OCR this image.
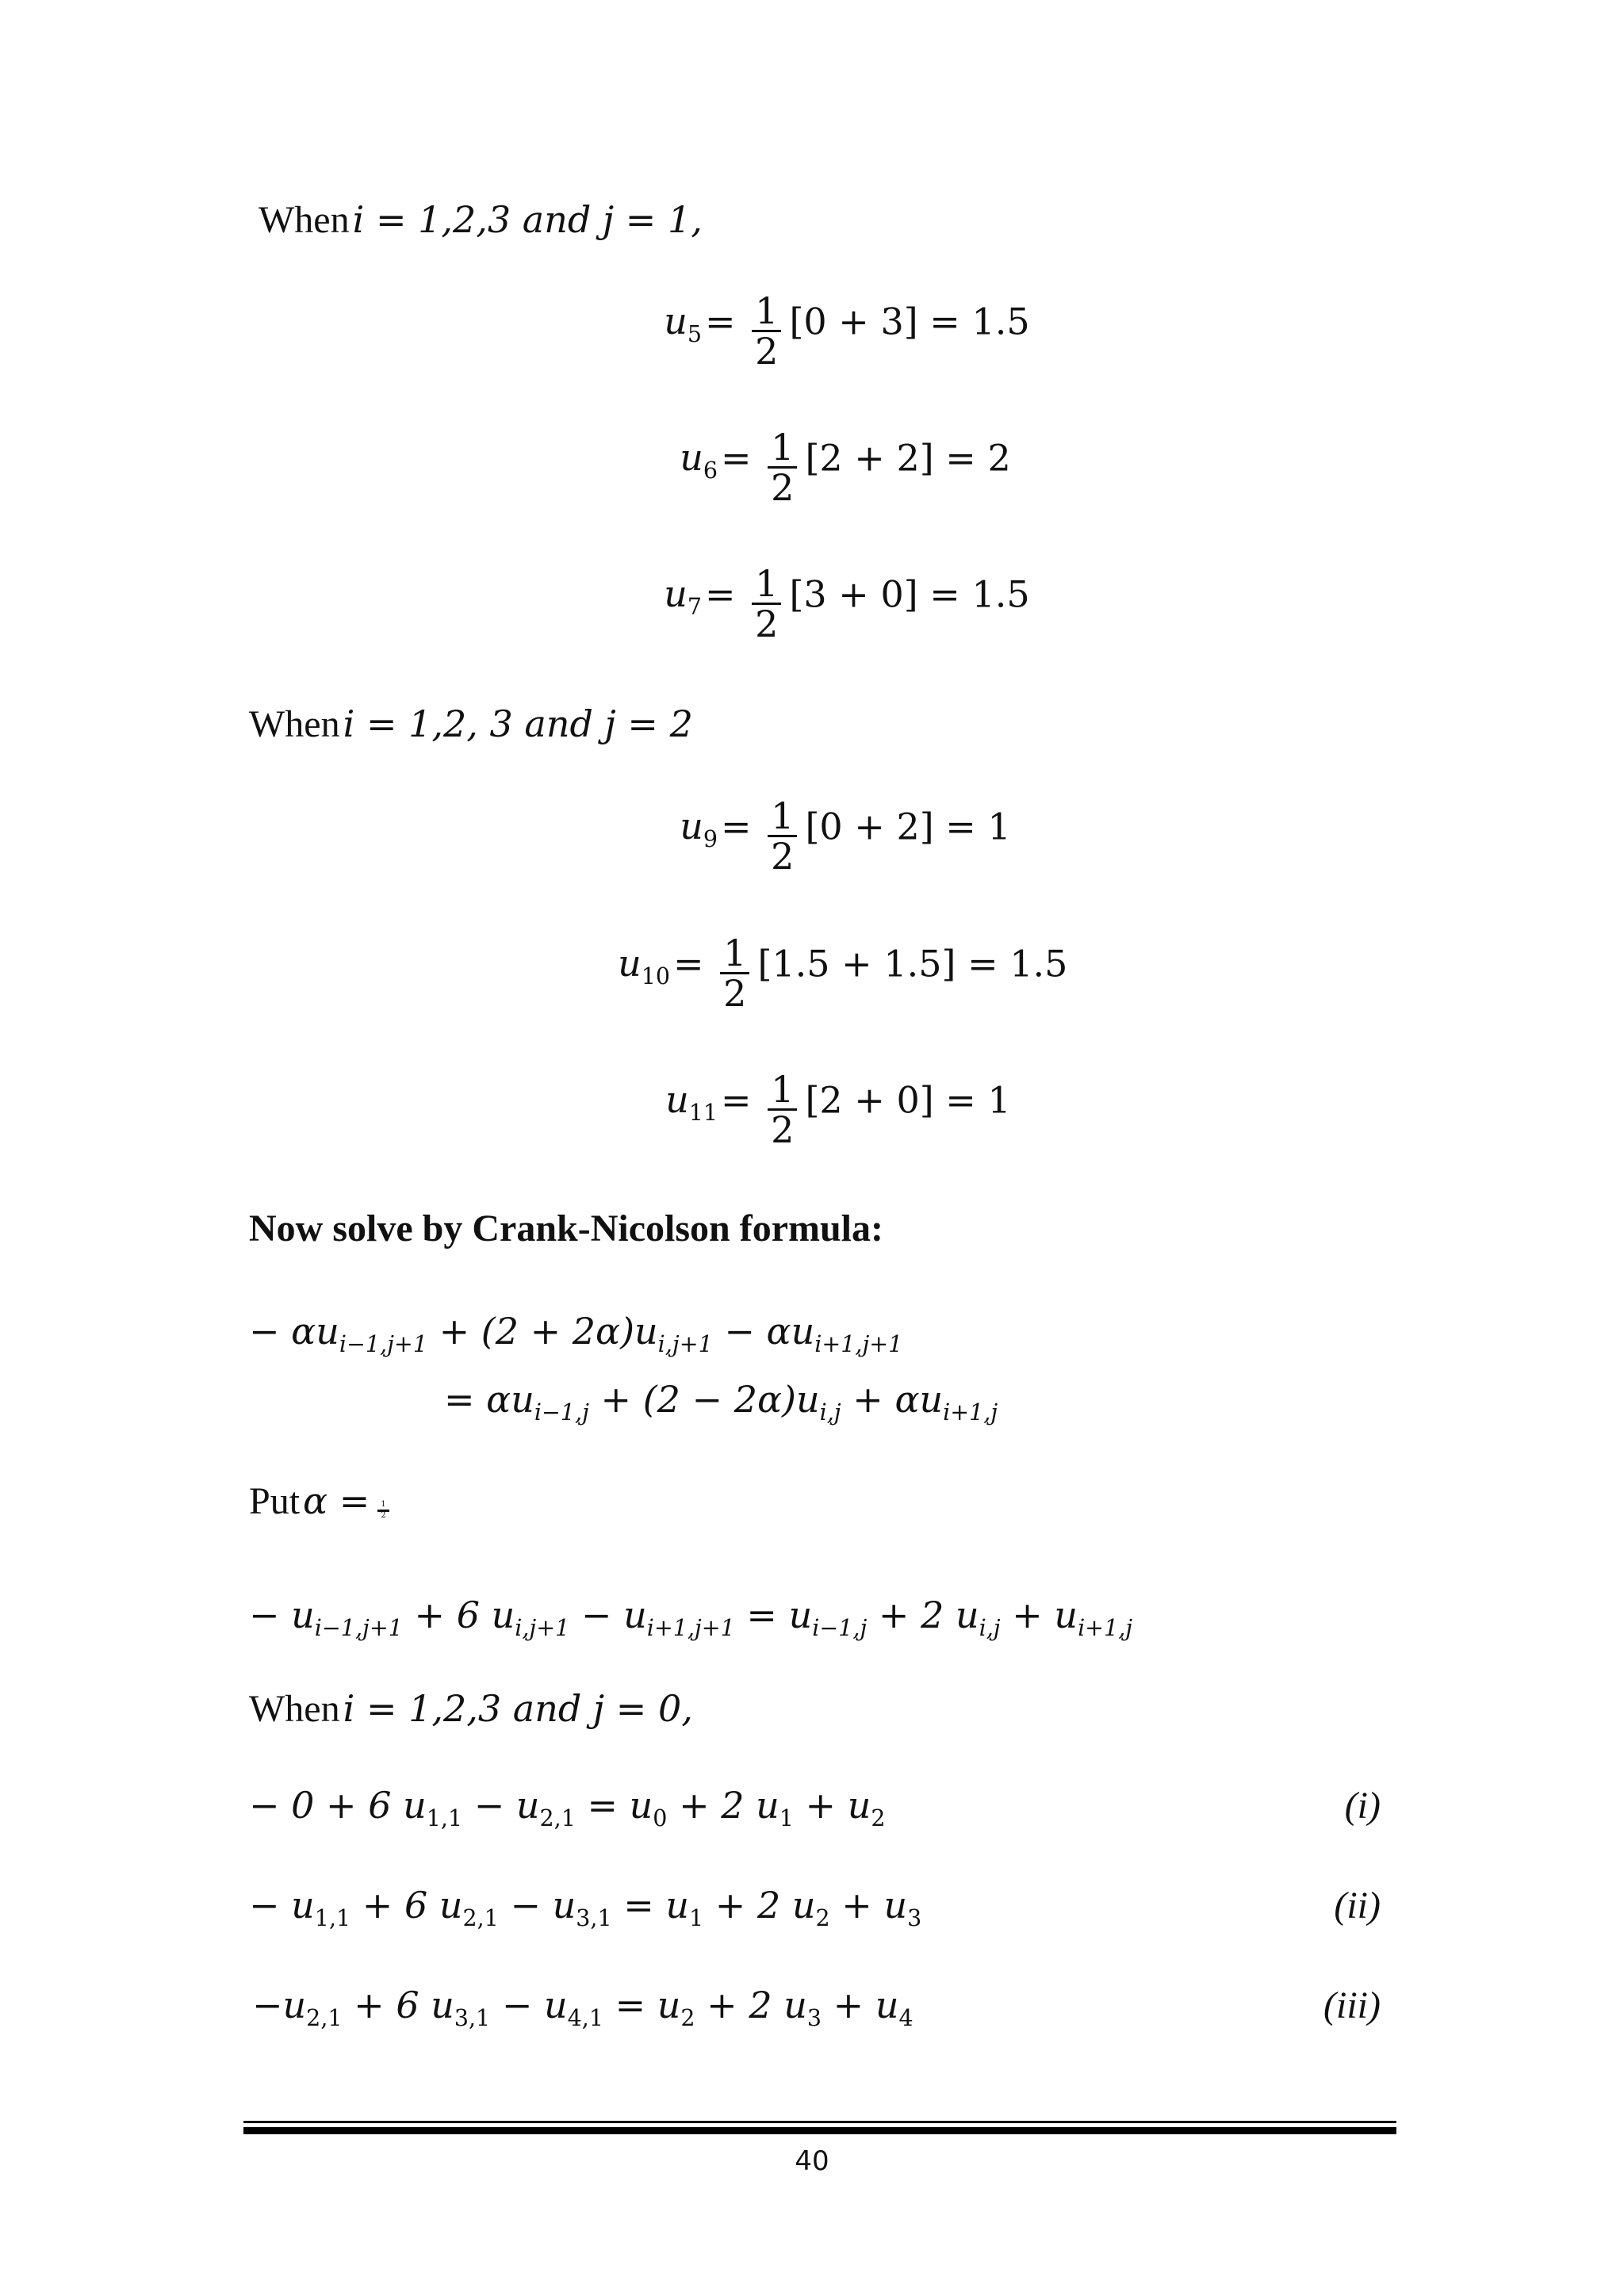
When i = 1,2,3 and j = 1,
$u_5 = \frac{1}{2} [0 + 3] = 1.5$
$u_6 = \frac{1}{2} [2 + 2] = 2$
$u_7 = \frac{1}{2} [3 + 0] = 1.5$
When i = 1,2, 3 and j = 2
$u_9 = \frac{1}{2} [0 + 2] = 1$
$u_{10} = \frac{1}{2} [1.5 + 1.5] = 1.5$
$u_{11} = \frac{1}{2} [2 + 0] = 1$
Now solve by Crank-Nicolson formula:
− $\alpha u_{i-1,j+1} + (2 + 2\alpha)u_{i,j+1} - \alpha u_{i+1,j+1}$
= $\alpha u_{i-1,j} + (2 - 2\alpha)u_{i,j} + \alpha u_{i+1,j}$
Put $\alpha = \frac{1}{2}$
− $u_{i-1,j+1} + 6$ $u_{i,j+1} - u_{i+1,j+1} = u_{i-1,j} + 2$ $u_{i,j} + u_{i+1,j}$
When i = 1,2,3 and j = 0,
− 0 + 6 $u_{1,1} - u_{2,1} = u_0 + 2$ $u_1 + u_2$	(i)
− $u_{1,1} + 6$ $u_{2,1} - u_{3,1} = u_1 + 2$ $u_2 + u_3$	(ii)
$-u_{2,1} + 6$ $u_{3,1} - u_{4,1} = u_2 + 2$ $u_3 + u_4$	(iii)
40
